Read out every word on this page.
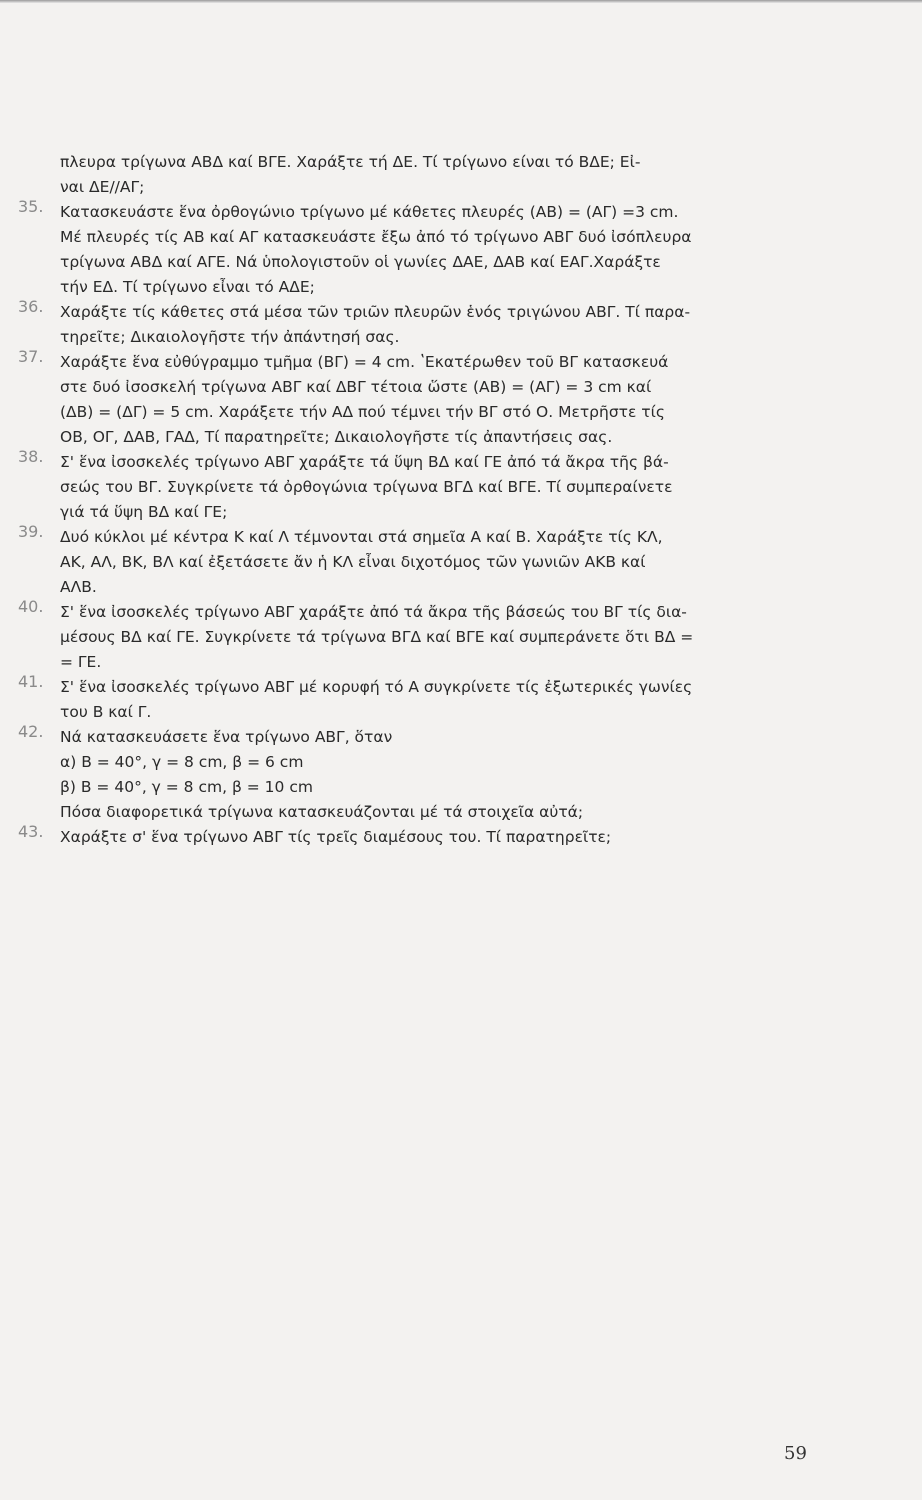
πλευρα τρίγωνα ΑΒΔ καί ΒΓΕ. Χαράξτε τή ΔΕ. Τί τρίγωνο είναι τό ΒΔΕ; Εἰ-
ναι ΔΕ//ΑΓ;
35. Κατασκευάστε ἕνα ὀρθογώνιο τρίγωνο μέ κάθετες πλευρές (ΑΒ) = (ΑΓ) =3 cm.
Μέ πλευρές τίς ΑΒ καί ΑΓ κατασκευάστε ἔξω ἀπό τό τρίγωνο ΑΒΓ δυό ἰσόπλευρα
τρίγωνα ΑΒΔ καί ΑΓΕ. Νά ὑπολογιστοῦν οἱ γωνίες ΔΑΕ, ΔΑΒ καί ΕΑΓ.Χαράξτε
τήν ΕΔ. Τί τρίγωνο εἶναι τό ΑΔΕ;
36. Χαράξτε τίς κάθετες στά μέσα τῶν τριῶν πλευρῶν ἑνός τριγώνου ΑΒΓ. Τί παρα-
τηρεῖτε; Δικαιολογῆστε τήν ἀπάντησή σας.
37. Χαράξτε ἕνα εὐθύγραμμο τμῆμα (ΒΓ) = 4 cm. ʽΕκατέρωθεν τοῦ ΒΓ κατασκευά
στε δυό ἰσοσκελή τρίγωνα ΑΒΓ καί ΔΒΓ τέτοια ὥστε (ΑΒ) = (ΑΓ) = 3 cm καί
(ΔΒ) = (ΔΓ) = 5 cm. Χαράξετε τήν ΑΔ πού τέμνει τήν ΒΓ στό Ο. Μετρῆστε τίς
ΟΒ, ΟΓ, ΔΑΒ, ΓΑΔ, Τί παρατηρεῖτε; Δικαιολογῆστε τίς ἀπαντήσεις σας.
38. Σ' ἕνα ἰσοσκελές τρίγωνο ΑΒΓ χαράξτε τά ὕψη ΒΔ καί ΓΕ ἀπό τά ἄκρα τῆς βά-
σεώς του ΒΓ. Συγκρίνετε τά ὀρθογώνια τρίγωνα ΒΓΔ καί ΒΓΕ. Τί συμπεραίνετε
γιά τά ὕψη ΒΔ καί ΓΕ;
39. Δυό κύκλοι μέ κέντρα Κ καί Λ τέμνονται στά σημεῖα Α καί Β. Χαράξτε τίς ΚΛ,
ΑΚ, ΑΛ, ΒΚ, ΒΛ καί ἐξετάσετε ἄν ἡ ΚΛ εἶναι διχοτόμος τῶν γωνιῶν ΑΚΒ καί
ΑΛΒ.
40. Σ' ἕνα ἰσοσκελές τρίγωνο ΑΒΓ χαράξτε ἀπό τά ἄκρα τῆς βάσεώς του ΒΓ τίς δια-
μέσους ΒΔ καί ΓΕ. Συγκρίνετε τά τρίγωνα ΒΓΔ καί ΒΓΕ καί συμπεράνετε ὅτι ΒΔ =
= ΓΕ.
41. Σ' ἕνα ἰσοσκελές τρίγωνο ΑΒΓ μέ κορυφή τό Α συγκρίνετε τίς ἐξωτερικές γωνίες
του Β καί Γ.
42. Νά κατασκευάσετε ἕνα τρίγωνο ΑΒΓ, ὅταν
α) Β = 40°, γ = 8 cm, β = 6 cm
β) Β = 40°, γ = 8 cm, β = 10 cm
Πόσα διαφορετικά τρίγωνα κατασκευάζονται μέ τά στοιχεῖα αὐτά;
43. Χαράξτε σ' ἕνα τρίγωνο ΑΒΓ τίς τρεῖς διαμέσους του. Τί παρατηρεῖτε;
59
